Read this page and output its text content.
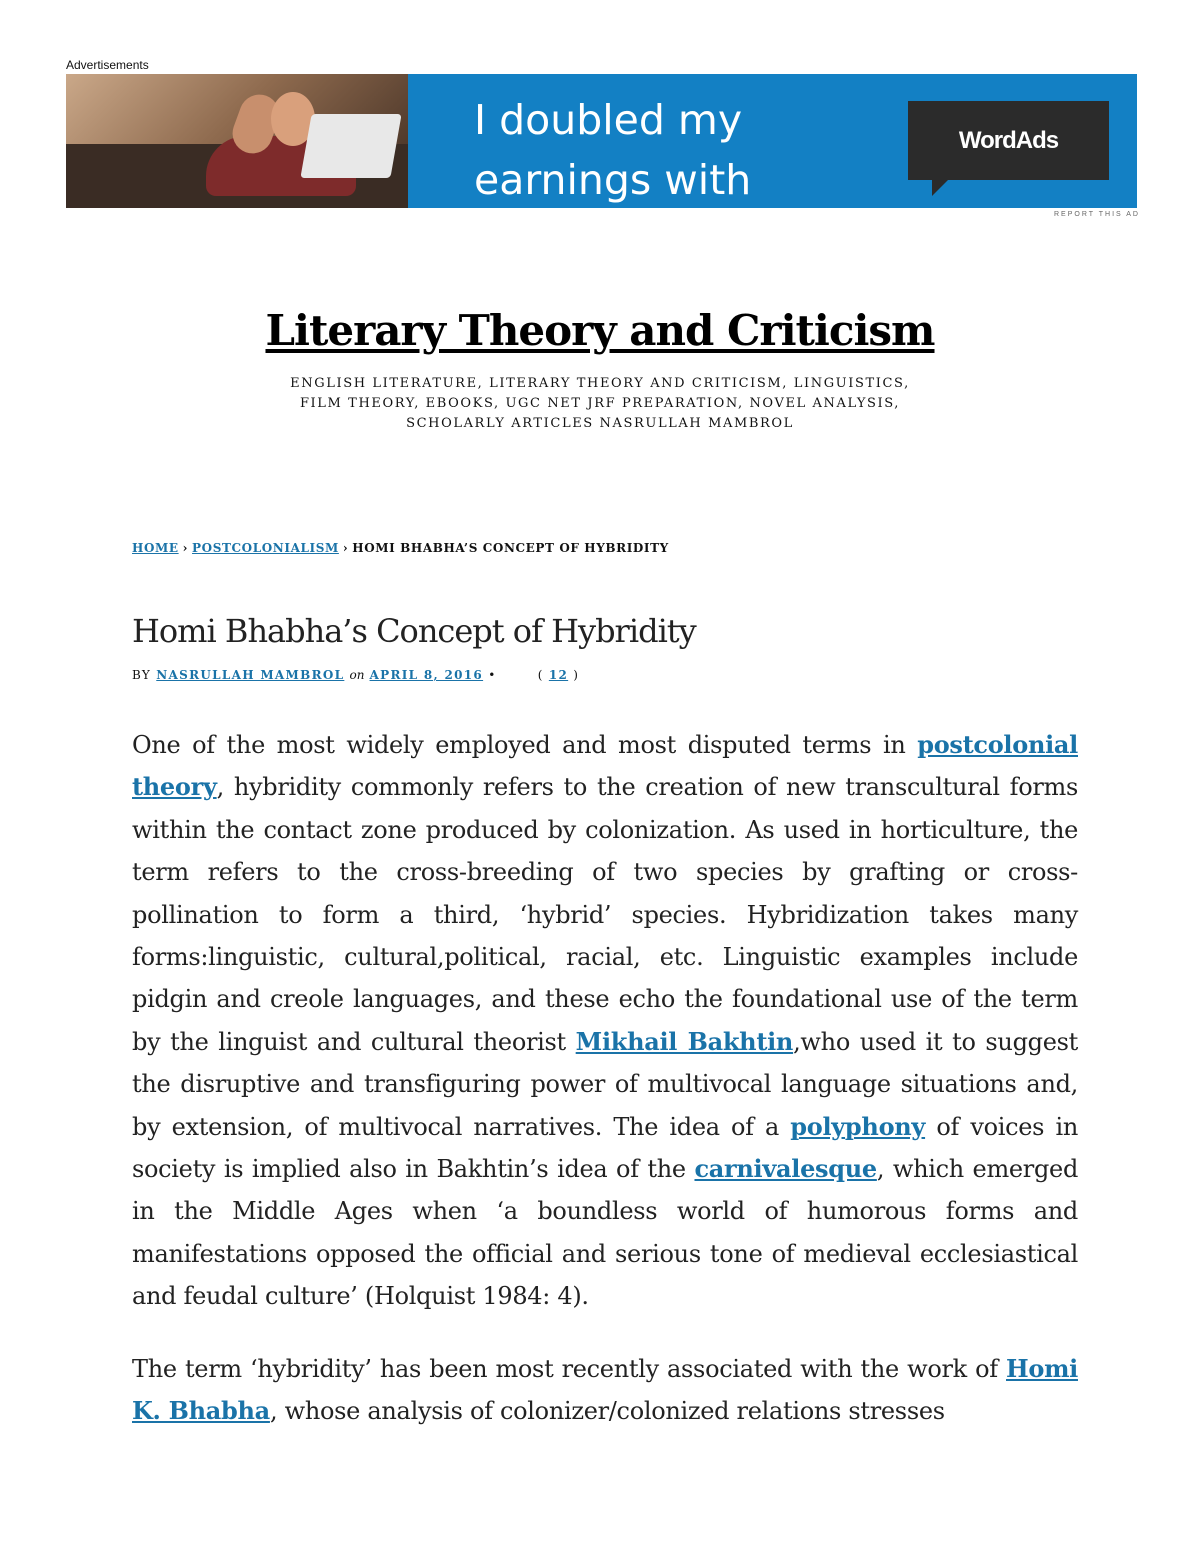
Advertisements
I doubled my
earnings with
WordAds
REPORT THIS AD
Literary Theory and Criticism
ENGLISH LITERATURE, LITERARY THEORY AND CRITICISM, LINGUISTICS,
FILM THEORY, EBOOKS, UGC NET JRF PREPARATION, NOVEL ANALYSIS,
SCHOLARLY ARTICLES NASRULLAH MAMBROL
HOME › POSTCOLONIALISM › HOMI BHABHA’S CONCEPT OF HYBRIDITY
Homi Bhabha’s Concept of Hybridity
BY NASRULLAH MAMBROL on APRIL 8, 2016 •	( 12 )

One of the most widely employed and most disputed terms in postcolonial theory, hybridity commonly refers to the creation of new transcultural forms within the contact zone produced by colonization. As used in horticulture, the term refers to the cross-breeding of two species by grafting or cross-pollination to form a third, ‘hybrid’ species. Hybridization takes many forms:linguistic, cultural,political, racial, etc. Linguistic examples include pidgin and creole languages, and these echo the foundational use of the term by the linguist and cultural theorist Mikhail Bakhtin,who used it to suggest the disruptive and transfiguring power of multivocal language situations and, by extension, of multivocal narratives. The idea of a polyphony of voices in society is implied also in Bakhtin’s idea of the carnivalesque, which emerged in the Middle Ages when ‘a boundless world of humorous forms and manifestations opposed the official and serious tone of medieval ecclesiastical and feudal culture’ (Holquist 1984: 4).

The term ‘hybridity’ has been most recently associated with the work of Homi K. Bhabha, whose analysis of colonizer/colonized relations stresses
